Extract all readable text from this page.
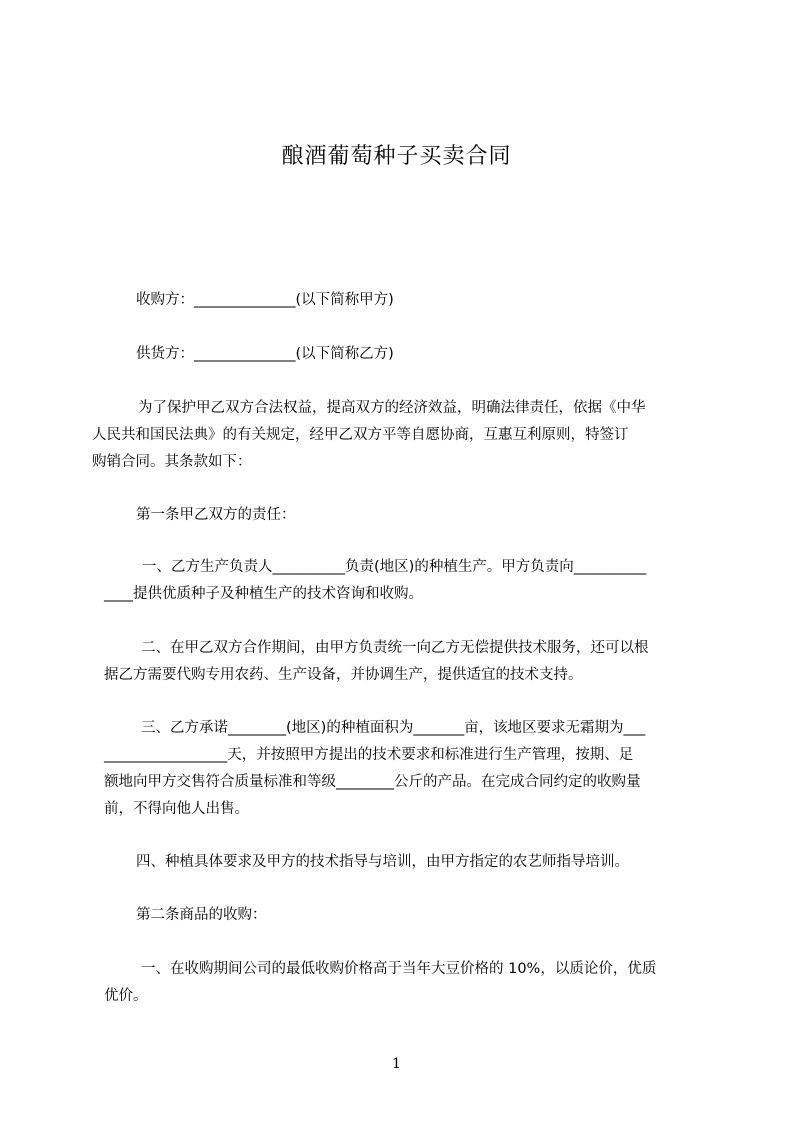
酿酒葡萄种子买卖合同
收购方：______________(以下简称甲方)
供货方：______________(以下简称乙方)
为了保护甲乙双方合法权益，提高双方的经济效益，明确法律责任，依据《中华
人民共和国民法典》的有关规定，经甲乙双方平等自愿协商，互惠互利原则，特签订
购销合同。其条款如下：
第一条甲乙双方的责任：
一、乙方生产负责人__________负责(地区)的种植生产。甲方负责向__________
____提供优质种子及种植生产的技术咨询和收购。
二、在甲乙双方合作期间，由甲方负责统一向乙方无偿提供技术服务，还可以根
据乙方需要代购专用农药、生产设备，并协调生产，提供适宜的技术支持。
三、乙方承诺________(地区)的种植面积为_______亩，该地区要求无霜期为___
_________________天，并按照甲方提出的技术要求和标准进行生产管理，按期、足
额地向甲方交售符合质量标准和等级________公斤的产品。在完成合同约定的收购量
前，不得向他人出售。
四、种植具体要求及甲方的技术指导与培训，由甲方指定的农艺师指导培训。
第二条商品的收购：
一、在收购期间公司的最低收购价格高于当年大豆价格的 10%，以质论价，优质
优价。
1
